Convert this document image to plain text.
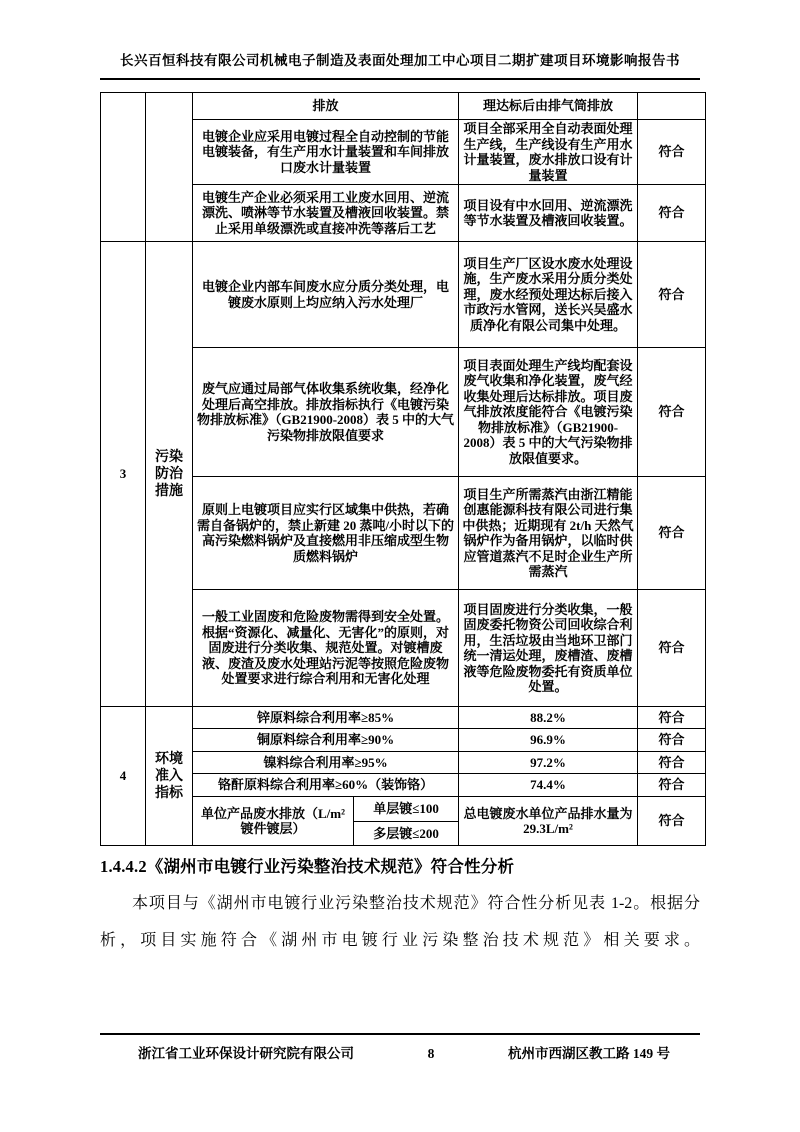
长兴百恒科技有限公司机械电子制造及表面处理加工中心项目二期扩建项目环境影响报告书
		排放		理达标后由排气筒排放	
		电镀企业应采用电镀过程全自动控制的节能电镀装备，有生产用水计量装置和车间排放口废水计量装置		项目全部采用全自动表面处理生产线，生产线设有生产用水计量装置，废水排放口设有计量装置	符合
		电镀生产企业必须采用工业废水回用、逆流漂洗、喷淋等节水装置及槽液回收装置。禁止采用单级漂洗或直接冲洗等落后工艺		项目设有中水回用、逆流漂洗等节水装置及槽液回收装置。	符合
3	污染防治措施	电镀企业内部车间废水应分质分类处理，电镀废水原则上均应纳入污水处理厂		项目生产厂区设水废水处理设施，生产废水采用分质分类处理，废水经预处理达标后接入市政污水管网，送长兴吴盛水质净化有限公司集中处理。	符合
		废气应通过局部气体收集系统收集，经净化处理后高空排放。排放指标执行《电镀污染物排放标准》（GB21900-2008）表 5 中的大气污染物排放限值要求		项目表面处理生产线均配套设废气收集和净化装置，废气经收集处理后达标排放。项目废气排放浓度能符合《电镀污染物排放标准》（GB21900-2008）表 5 中的大气污染物排放限值要求。	符合
		原则上电镀项目应实行区域集中供热，若确需自备锅炉的，禁止新建 20 蒸吨/小时以下的高污染燃料锅炉及直接燃用非压缩成型生物质燃料锅炉		项目生产所需蒸汽由浙江精能创惠能源科技有限公司进行集中供热；近期现有 2t/h 天然气锅炉作为备用锅炉，以临时供应管道蒸汽不足时企业生产所需蒸汽	符合
		一般工业固废和危险废物需得到安全处置。根据“资源化、减量化、无害化”的原则，对固废进行分类收集、规范处置。对镀槽废液、废渣及废水处理站污泥等按照危险废物处置要求进行综合利用和无害化处理		项目固废进行分类收集，一般固废委托物资公司回收综合利用，生活垃圾由当地环卫部门统一清运处理，废槽渣、废槽液等危险废物委托有资质单位处置。	符合
4	环境准入指标	锌原料综合利用率≥85%		88.2%	符合
		铜原料综合利用率≥90%		96.9%	符合
		镍料综合利用率≥95%		97.2%	符合
		铬酐原料综合利用率≥60%（装饰铬）		74.4%	符合
		单位产品废水排放（L/m² 镀件镀层）	单层镀≤100	总电镀废水单位产品排水量为 29.3L/m²	符合
			多层镀≤200		
1.4.4.2《湖州市电镀行业污染整治技术规范》符合性分析
本项目与《湖州市电镀行业污染整治技术规范》符合性分析见表 1-2。根据分析，项目实施符合《湖州市电镀行业污染整治技术规范》相关要求。
浙江省工业环保设计研究院有限公司	8	杭州市西湖区教工路 149 号
